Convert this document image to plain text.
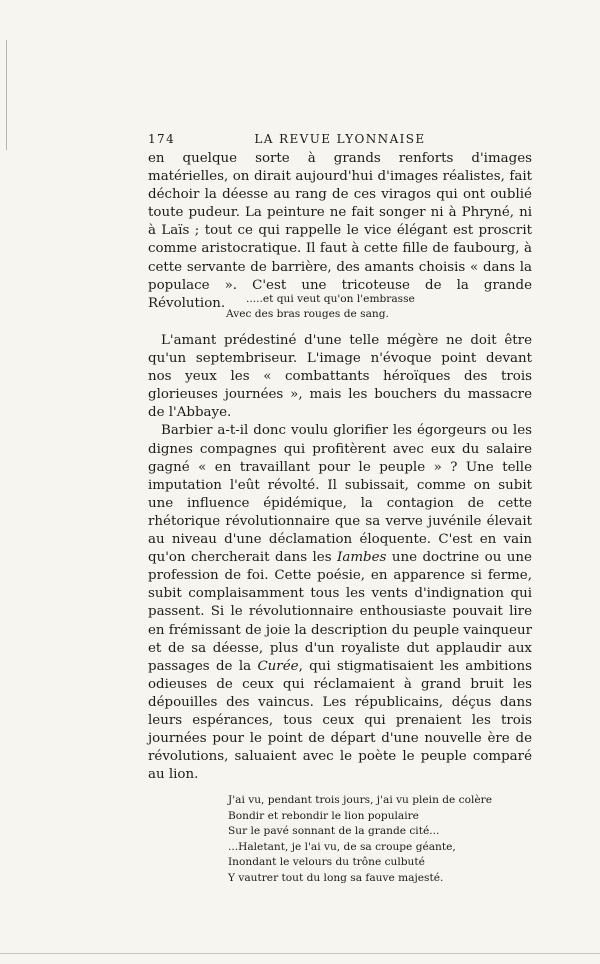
174	LA REVUE LYONNAISE

en quelque sorte à grands renforts d'images matérielles, on dirait aujourd'hui d'images réalistes, fait déchoir la déesse au rang de ces viragos qui ont oublié toute pudeur. La peinture ne fait songer ni à Phryné, ni à Laïs ; tout ce qui rappelle le vice élégant est proscrit comme aristocratique. Il faut à cette fille de faubourg, à cette servante de barrière, des amants choisis « dans la populace ». C'est une tricoteuse de la grande Révolution.	.....et qui veut qu'on l'embrasse
Avec des bras rouges de sang.

L'amant prédestiné d'une telle mégère ne doit être qu'un septembriseur. L'image n'évoque point devant nos yeux les « combattants héroïques des trois glorieuses journées », mais les bouchers du massacre de l'Abbaye.

Barbier a-t-il donc voulu glorifier les égorgeurs ou les dignes compagnes qui profitèrent avec eux du salaire gagné « en travaillant pour le peuple » ? Une telle imputation l'eût révolté. Il subissait, comme on subit une influence épidémique, la contagion de cette rhétorique révolutionnaire que sa verve juvénile élevait au niveau d'une déclamation éloquente. C'est en vain qu'on chercherait dans les Iambes une doctrine ou une profession de foi. Cette poésie, en apparence si ferme, subit complaisamment tous les vents d'indignation qui passent. Si le révolutionnaire enthousiaste pouvait lire en frémissant de joie la description du peuple vainqueur et de sa déesse, plus d'un royaliste dut applaudir aux passages de la Curée, qui stigmatisaient les ambitions odieuses de ceux qui réclamaient à grand bruit les dépouilles des vaincus. Les républicains, déçus dans leurs espérances, tous ceux qui prenaient les trois journées pour le point de départ d'une nouvelle ère de révolutions, saluaient avec le poète le peuple comparé au lion.

J'ai vu, pendant trois jours, j'ai vu plein de colère
Bondir et rebondir le lion populaire
Sur le pavé sonnant de la grande cité...
...Haletant, je l'ai vu, de sa croupe géante,
Inondant le velours du trône culbuté
Y vautrer tout du long sa fauve majesté.
